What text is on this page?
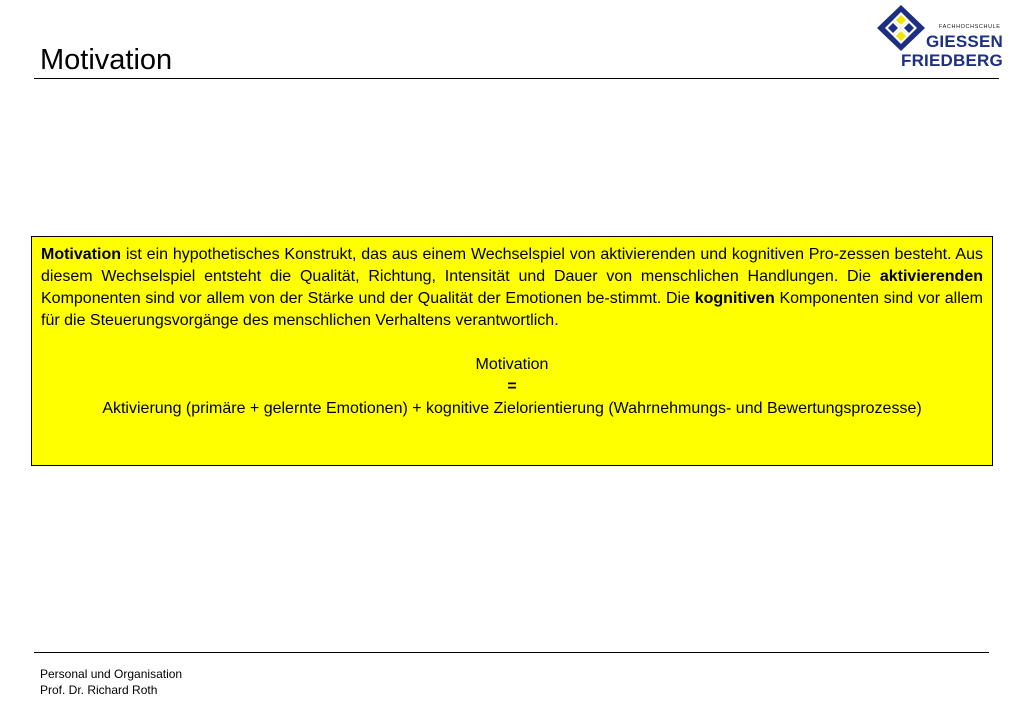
Motivation
FACHHOCHSCHULE
GIESSEN
FRIEDBERG

Motivation ist ein hypothetisches Konstrukt, das aus einem Wechselspiel von aktivierenden und kognitiven Pro-zessen besteht. Aus diesem Wechselspiel entsteht die Qualität, Richtung, Intensität und Dauer von menschlichen Handlungen. Die aktivierenden Komponenten sind vor allem von der Stärke und der Qualität der Emotionen be-stimmt. Die kognitiven Komponenten sind vor allem für die Steuerungsvorgänge des menschlichen Verhaltens verantwortlich.

Motivation
=
Aktivierung (primäre + gelernte Emotionen) + kognitive Zielorientierung (Wahrnehmungs- und Bewertungsprozesse)
Personal und Organisation
Prof. Dr. Richard Roth
